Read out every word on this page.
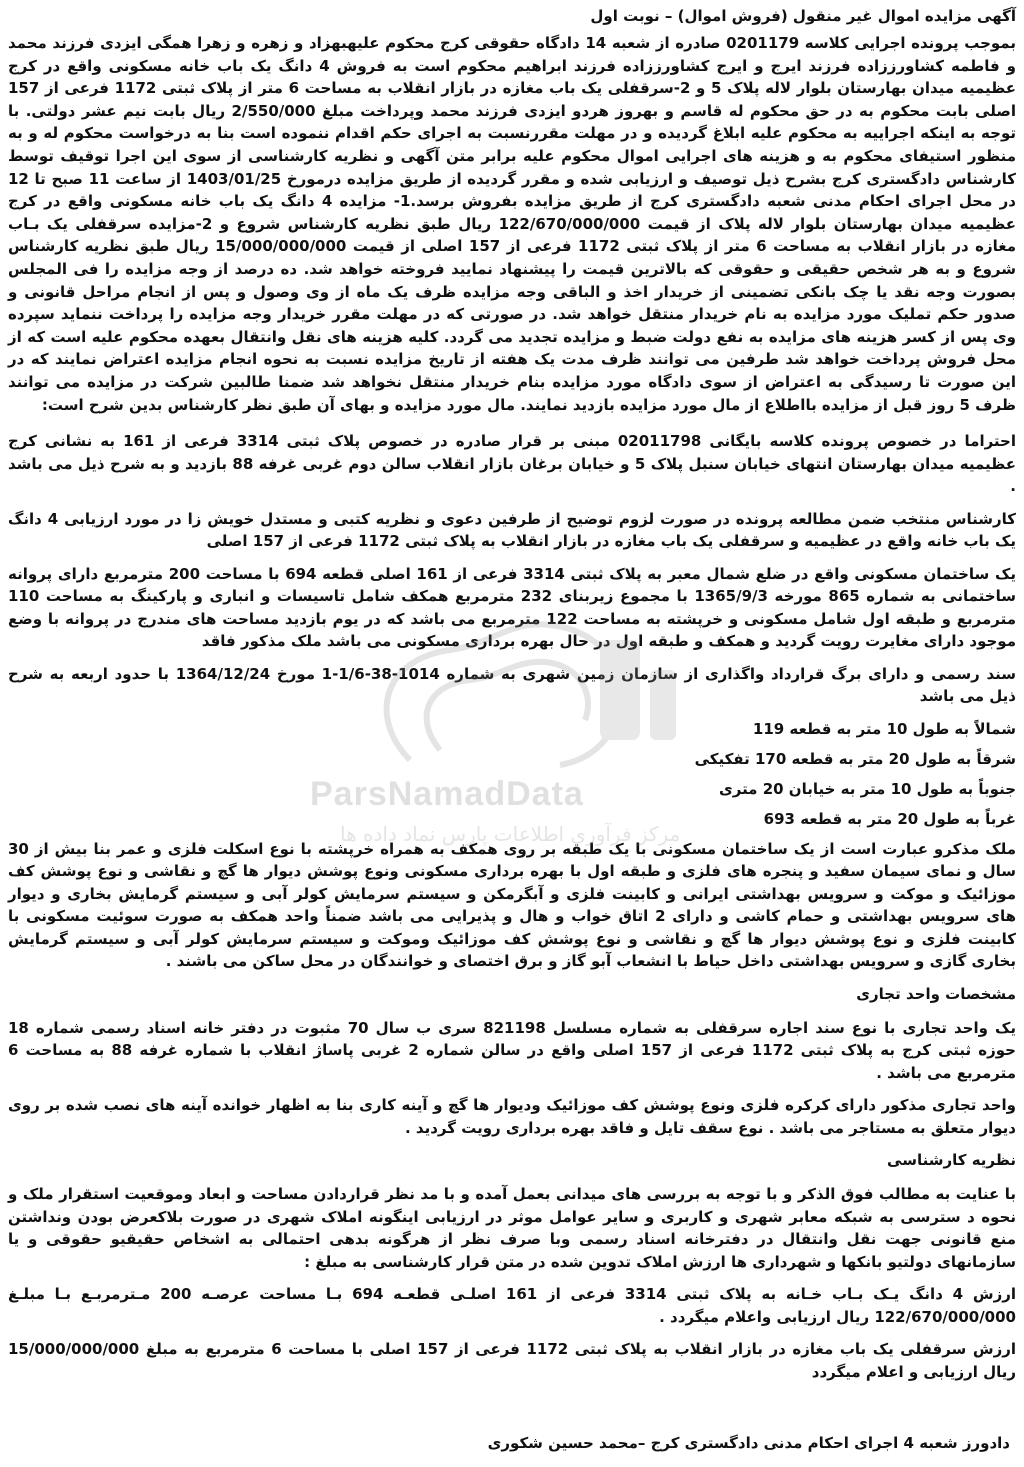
آگهی مزایده اموال غیر منقول (فروش اموال) – نوبت اول

بموجب پرونده اجرایی کلاسه 0201179 صادره از شعبه 14 دادگاه حقوقی کرج محکوم علیهبهزاد و زهره و زهرا همگی ایزدی فرزند محمد و فاطمه کشاورززاده فرزند ایرج و ایرج کشاورززاده فرزند ابراهیم محکوم است به فروش 4 دانگ یک باب خانه مسکونی واقع در کرج عظیمیه میدان بهارستان بلوار لاله پلاک 5 و 2-سرقفلی یک باب مغازه در بازار انقلاب به مساحت 6 متر از پلاک ثبتی 1172 فرعی از 157 اصلی بابت محکوم به در حق محکوم له قاسم و بهروز هردو ایزدی فرزند محمد وپرداخت مبلغ 2/550/000 ریال بابت نیم عشر دولتی. با توجه به اینکه اجراییه به محکوم علیه ابلاغ گردیده و در مهلت مقررنسبت به اجرای حکم اقدام ننموده است بنا به درخواست محکوم له و به منظور استیفای محکوم به و هزینه های اجرایی اموال محکوم علیه برابر متن آگهی و نظریه کارشناسی از سوی این اجرا توقیف توسط کارشناس دادگستری کرج بشرح ذیل توصیف و ارزیابی شده و مقرر گردیده از طریق مزایده درمورخ 1403/01/25 از ساعت 11 صبح تا 12 در محل اجرای احکام مدنی شعبه دادگستری کرج از طریق مزایده بفروش برسد.1- مزایده 4 دانگ یک باب خانه مسکونی واقع در کرج عظیمیه میدان بهارستان بلوار لاله پلاک از قیمت 122/670/000/000 ریال طبق نظریه کارشناس شروع و 2-مزایده سرقفلی یک بـاب مغازه در بازار انقلاب به مساحت 6 متر از پلاک ثبتی 1172 فرعی از 157 اصلی از قیمت 15/000/000/000 ریال طبق نظریه کارشناس شروع و به هر شخص حقیقی و حقوقی که بالاترین قیمت را پیشنهاد نمایید فروخته خواهد شد. ده درصد از وجه مزایده را فی المجلس بصورت وجه نقد یا چک بانکی تضمینی از خریدار اخذ و الباقی وجه مزایده ظرف یک ماه از وی وصول و پس از انجام مراحل قانونی و صدور حکم تملیک مورد مزایده به نام خریدار منتقل خواهد شد. در صورتی که در مهلت مقرر خریدار وجه مزایده را پرداخت ننماید سپرده وی پس از کسر هزینه های مزایده به نفع دولت ضبط و مزایده تجدید می گردد. کلیه هزینه های نقل وانتقال بعهده محکوم علیه است که از محل فروش پرداخت خواهد شد طرفین می توانند ظرف مدت یک هفته از تاریخ مزایده نسبت به نحوه انجام مزایده اعتراض نمایند که در این صورت تا رسیدگی به اعتراض از سوی دادگاه مورد مزایده بنام خریدار منتقل نخواهد شد ضمنا طالبین شرکت در مزایده می توانند ظرف 5 روز قبل از مزایده بااطلاع از مال مورد مزایده بازدید نمایند. مال مورد مزایده و بهای آن طبق نظر کارشناس بدین شرح است:

احتراما در خصوص پرونده کلاسه بایگانی 02011798 مبنی بر قرار صادره در خصوص پلاک ثبتی 3314 فرعی از 161 به نشانی کرج عظیمیه میدان بهارستان انتهای خیابان سنبل پلاک 5 و خیابان برغان بازار انقلاب سالن دوم غربی غرفه 88 بازدید و به شرح ذیل می باشد .

کارشناس منتخب ضمن مطالعه پرونده در صورت لزوم توضیح از طرفین دعوی و نظریه کتبی و مستدل خویش زا در مورد ارزیابی 4 دانگ یک باب خانه واقع در عظیمیه و سرقفلی یک باب مغازه در بازار انقلاب به پلاک ثبتی 1172 فرعی از 157 اصلی

یک ساختمان مسکونی واقع در ضلع شمال معبر به پلاک ثبتی 3314 فرعی از 161 اصلی قطعه 694 با مساحت 200 مترمربع دارای پروانه ساختمانی به شماره 865 مورخه 1365/9/3 با مجموع زیربنای 232 مترمربع همکف شامل تاسیسات و انباری و پارکینگ به مساحت 110 مترمربع و طبقه اول شامل مسکونی و خرپشته به مساحت 122 مترمربع می باشد که در یوم بازدید مساحت های مندرج در پروانه با وضع موجود دارای مغایرت رویت گردید و همکف و طبقه اول در حال بهره برداری مسکونی می باشد ملک مذکور فاقد

سند رسمی و دارای برگ قرارداد واگذاری از سازمان زمین شهری به شماره 1014-38-1/6-1 مورخ 1364/12/24 با حدود اربعه به شرح ذیل می باشد

شمالاً به طول 10 متر به قطعه 119
شرقاً به طول 20 متر به قطعه 170 تفکیکی
جنوباً به طول 10 متر به خیابان 20 متری
غرباً به طول 20 متر به قطعه 693

ملک مذکرو عبارت است از یک ساختمان مسکونی با یک طبقه بر روی همکف به همراه خرپشته با نوع اسکلت فلزی و عمر بنا بیش از 30 سال و نمای سیمان سفید و پنجره های فلزی و طبقه اول با بهره برداری مسکونی ونوع پوشش دیوار ها گچ و نقاشی و نوع پوشش کف موزائیک و موکت و سرویس بهداشتی ایرانی و کابینت فلزی و آبگرمکن و سیستم سرمایش کولر آبی و سیستم گرمایش بخاری و دیوار های سرویس بهداشتی و حمام کاشی و دارای 2 اتاق خواب و هال و پذیرایی می باشد ضمناً واحد همکف به صورت سوئیت مسکونی با کابینت فلزی و نوع پوشش دیوار ها گچ و نقاشی و نوع پوشش کف موزائیک وموکت و سیستم سرمایش کولر آبی و سیستم گرمایش بخاری گازی و سرویس بهداشتی داخل حیاط با انشعاب آبو گاز و برق اختصای و خوانندگان در محل ساکن می باشند .

مشخصات واحد تجاری

یک واحد تجاری با نوع سند اجاره سرقفلی به شماره مسلسل 821198 سری ب سال 70 مثبوت در دفتر خانه اسناد رسمی شماره 18 حوزه ثبتی کرج به پلاک ثبتی 1172 فرعی از 157 اصلی واقع در سالن شماره 2 غربی پاساژ انقلاب با شماره غرفه 88 به مساحت 6 مترمربع می باشد .

واحد تجاری مذکور دارای کرکره فلزی ونوع پوشش کف موزائیک ودیوار ها گچ و آینه کاری بنا به اظهار خوانده آینه های نصب شده بر روی دیوار متعلق به مستاجر می باشد . نوع سقف تایل و فاقد بهره برداری رویت گردید .

نظریه کارشناسی

با عنایت به مطالب فوق الذکر و با توجه به بررسی های میدانی بعمل آمده و با مد نظر قراردادن مساحت و ابعاد وموقعیت استقرار ملک و نحوه د سترسی به شبکه معابر شهری و کاربری و سایر عوامل موثر در ارزیابی اینگونه املاک شهری در صورت بلاکعرض بودن ونداشتن منع قانونی جهت نقل وانتقال در دفترخانه اسناد رسمی وبا صرف نظر از هرگونه بدهی احتمالی به اشخاص حقیقیو حقوقی و یا سازمانهای دولتیو بانکها و شهرداری ها ارزش املاک تدوین شده در متن قرار کارشناسی به مبلغ :

ارزش 4 دانگ یـک بـاب خـانه به پلاک ثبتی 3314 فرعی از 161 اصلـی قطعـه 694 بـا مساحت عرصـه 200 مـترمربـع بـا مبلـغ 122/670/000/000 ریال ارزیابی واعلام میگردد .

ارزش سرقفلی یک باب مغازه در بازار انقلاب به پلاک ثبتی 1172 فرعی از 157 اصلی با مساحت 6 مترمربع به مبلغ 15/000/000/000 ریال ارزیابی و اعلام میگردد

دادورز شعبه 4 اجرای احکام مدنی دادگستری کرج –محمد حسین شکوری
ParsNamadData
مرکز فرآوری اطلاعات پارس نماد داده ها
